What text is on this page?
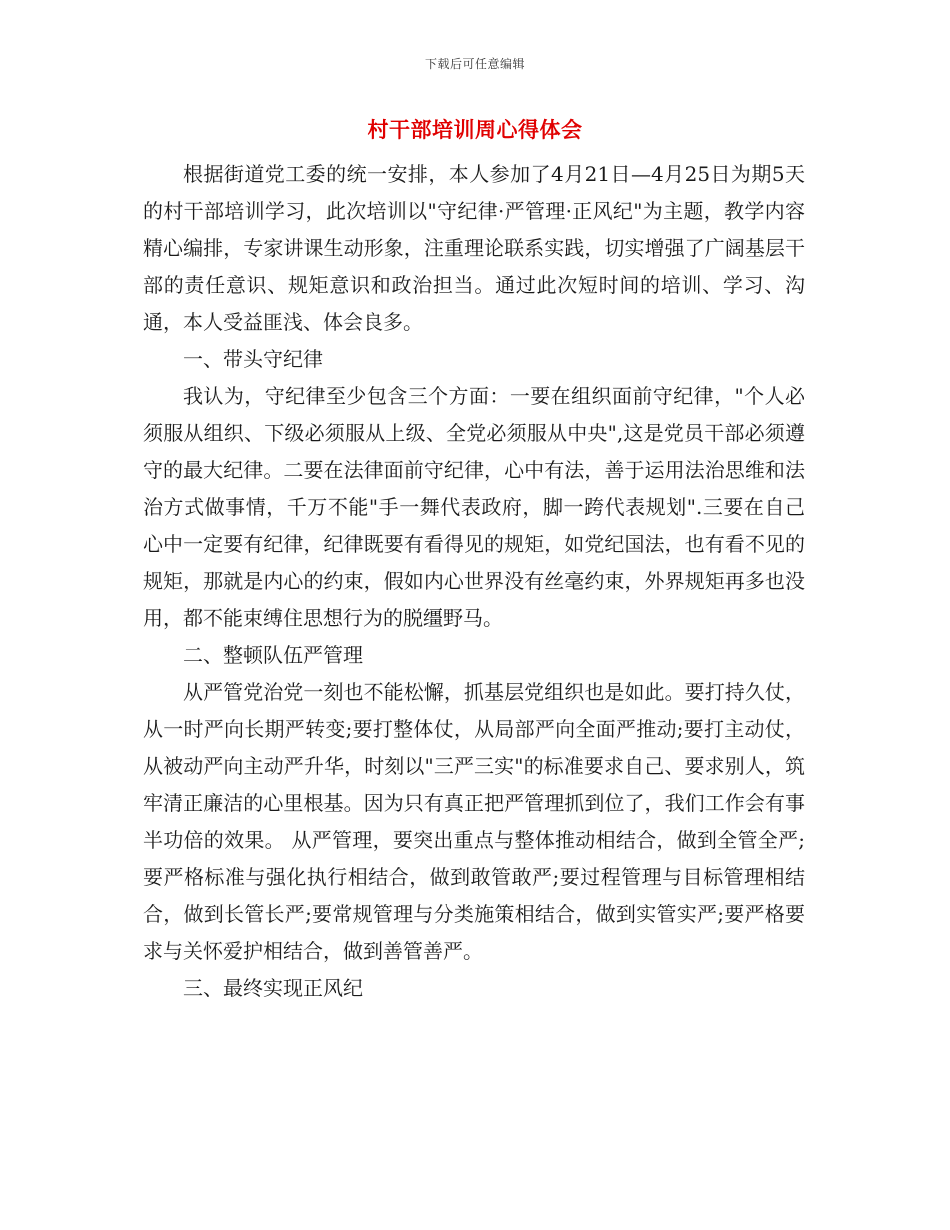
下载后可任意编辑
村干部培训周心得体会

根据街道党工委的统一安排，本人参加了4月21日—4月25日为期5天的村干部培训学习，此次培训以"守纪律·严管理·正风纪"为主题，教学内容精心编排，专家讲课生动形象，注重理论联系实践，切实增强了广阔基层干部的责任意识、规矩意识和政治担当。通过此次短时间的培训、学习、沟通，本人受益匪浅、体会良多。

一、带头守纪律

我认为，守纪律至少包含三个方面：一要在组织面前守纪律，"个人必须服从组织、下级必须服从上级、全党必须服从中央",这是党员干部必须遵守的最大纪律。二要在法律面前守纪律，心中有法，善于运用法治思维和法治方式做事情，千万不能"手一舞代表政府，脚一跨代表规划".三要在自己心中一定要有纪律，纪律既要有看得见的规矩，如党纪国法，也有看不见的规矩，那就是内心的约束，假如内心世界没有丝毫约束，外界规矩再多也没用，都不能束缚住思想行为的脱缰野马。

二、整顿队伍严管理

从严管党治党一刻也不能松懈，抓基层党组织也是如此。要打持久仗，从一时严向长期严转变;要打整体仗，从局部严向全面严推动;要打主动仗，从被动严向主动严升华，时刻以"三严三实"的标准要求自己、要求别人，筑牢清正廉洁的心里根基。因为只有真正把严管理抓到位了，我们工作会有事半功倍的效果。 从严管理，要突出重点与整体推动相结合，做到全管全严;要严格标准与强化执行相结合，做到敢管敢严;要过程管理与目标管理相结合，做到长管长严;要常规管理与分类施策相结合，做到实管实严;要严格要求与关怀爱护相结合，做到善管善严。

三、最终实现正风纪
